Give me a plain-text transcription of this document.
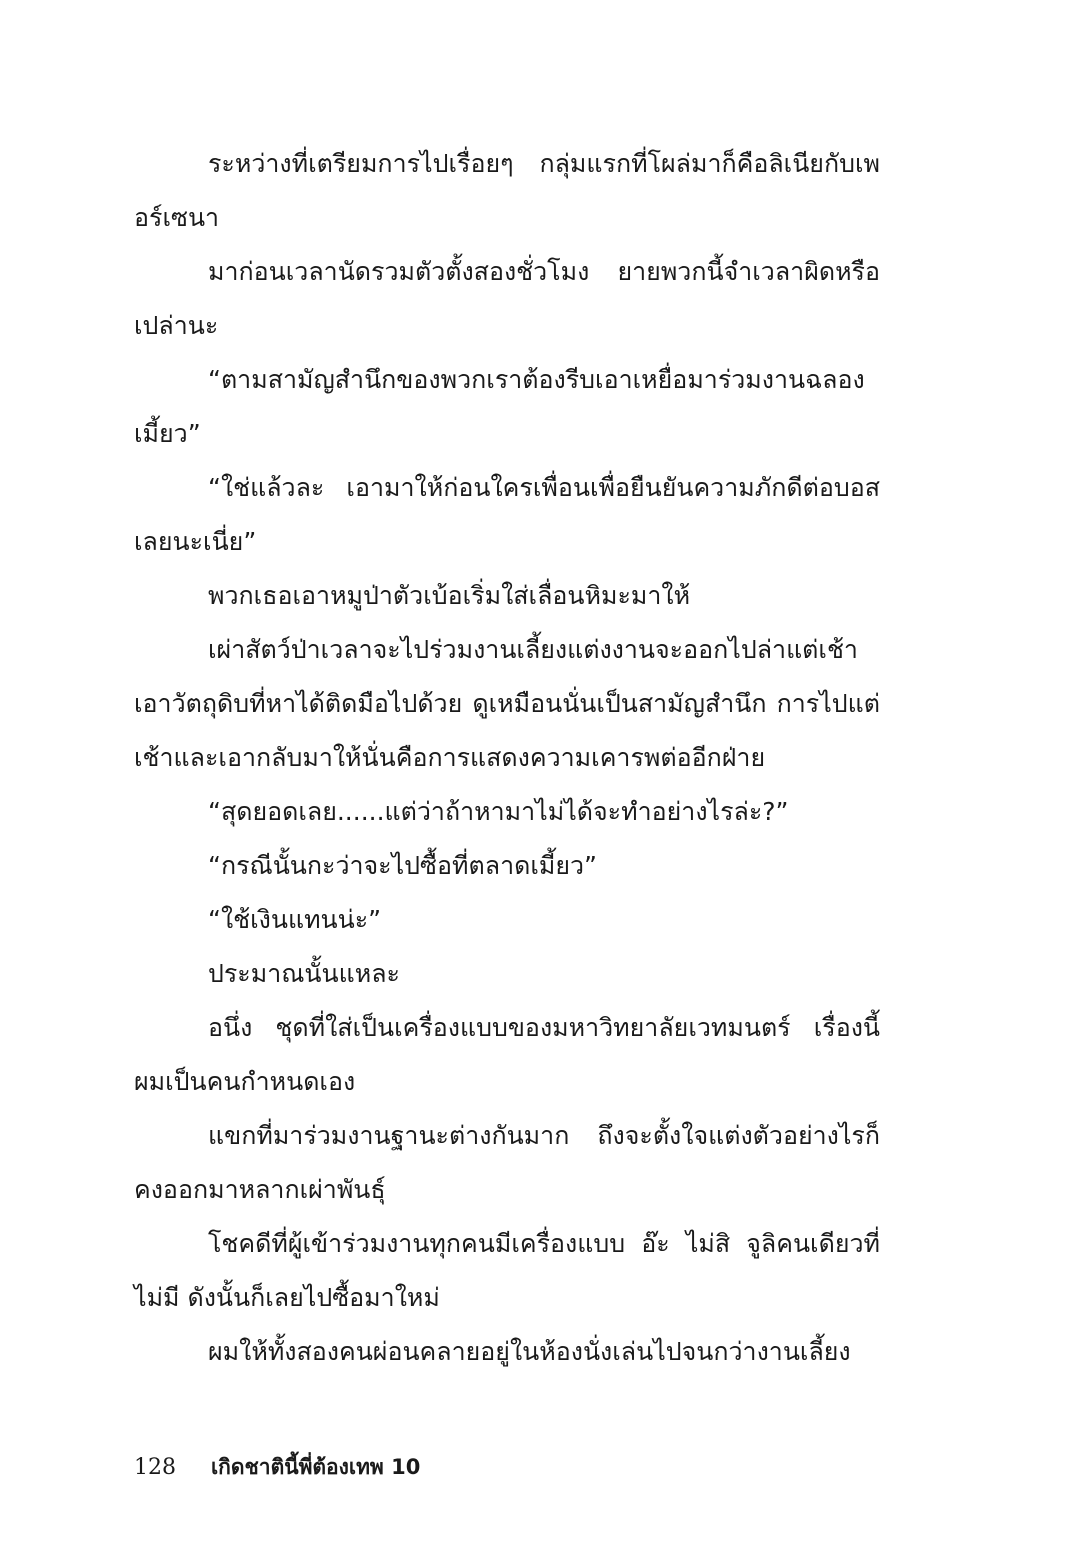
ระหว่างที่เตรียมการไปเรื่อยๆ กลุ่มแรกที่โผล่มาก็คือลิเนียกับเพอร์เซนา

มาก่อนเวลานัดรวมตัวตั้งสองชั่วโมง ยายพวกนี้จำเวลาผิดหรือเปล่านะ

“ตามสามัญสำนึกของพวกเราต้องรีบเอาเหยื่อมาร่วมงานฉลองเมี้ยว”

“ใช่แล้วละ เอามาให้ก่อนใครเพื่อนเพื่อยืนยันความภักดีต่อบอสเลยนะเนี่ย”

พวกเธอเอาหมูป่าตัวเบ้อเริ่มใส่เลื่อนหิมะมาให้

เผ่าสัตว์ป่าเวลาจะไปร่วมงานเลี้ยงแต่งงานจะออกไปล่าแต่เช้า เอาวัตถุดิบที่หาได้ติดมือไปด้วย ดูเหมือนนั่นเป็นสามัญสำนึก การไปแต่เช้าและเอากลับมาให้นั่นคือการแสดงความเคารพต่ออีกฝ่าย

“สุดยอดเลย......แต่ว่าถ้าหามาไม่ได้จะทำอย่างไรล่ะ?”

“กรณีนั้นกะว่าจะไปซื้อที่ตลาดเมี้ยว”

“ใช้เงินแทนน่ะ”

ประมาณนั้นแหละ

อนึ่ง ชุดที่ใส่เป็นเครื่องแบบของมหาวิทยาลัยเวทมนตร์ เรื่องนี้ผมเป็นคนกำหนดเอง

แขกที่มาร่วมงานฐานะต่างกันมาก ถึงจะตั้งใจแต่งตัวอย่างไรก็คงออกมาหลากเผ่าพันธุ์

โชคดีที่ผู้เข้าร่วมงานทุกคนมีเครื่องแบบ อ๊ะ ไม่สิ จูลิคนเดียวที่ไม่มี ดังนั้นก็เลยไปซื้อมาใหม่

ผมให้ทั้งสองคนผ่อนคลายอยู่ในห้องนั่งเล่นไปจนกว่างานเลี้ยง

128 เกิดชาตินี้พี่ต้องเทพ 10
